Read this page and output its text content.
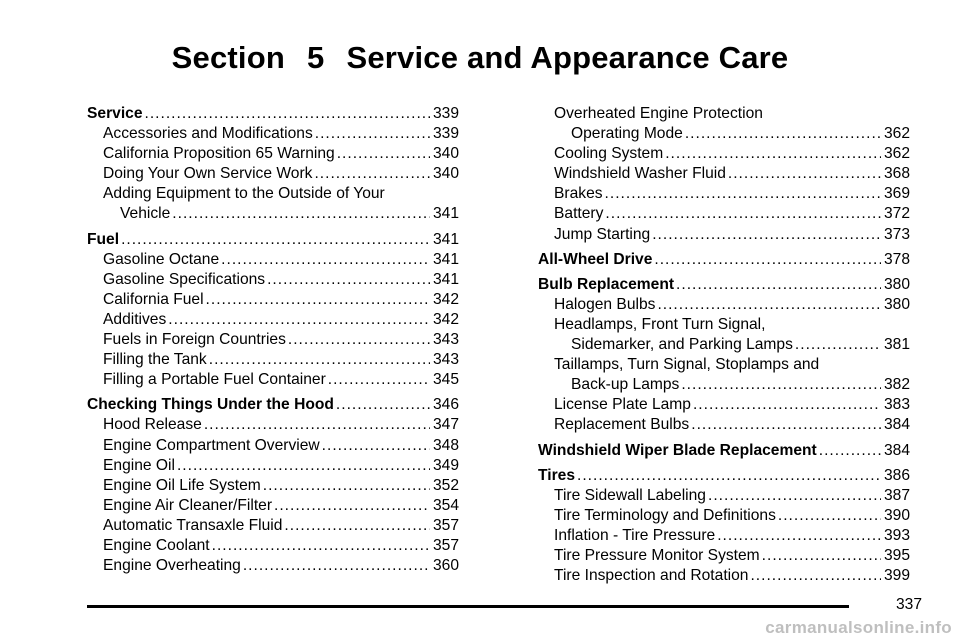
Section 5 Service and Appearance Care
Service .....	339
Accessories and Modifications .....	339
California Proposition 65 Warning .....	340
Doing Your Own Service Work .....	340
Adding Equipment to the Outside of Your
Vehicle .....	341
Fuel .....	341
Gasoline Octane .....	341
Gasoline Specifications .....	341
California Fuel .....	342
Additives .....	342
Fuels in Foreign Countries .....	343
Filling the Tank .....	343
Filling a Portable Fuel Container .....	345
Checking Things Under the Hood .....	346
Hood Release .....	347
Engine Compartment Overview .....	348
Engine Oil .....	349
Engine Oil Life System .....	352
Engine Air Cleaner/Filter .....	354
Automatic Transaxle Fluid .....	357
Engine Coolant .....	357
Engine Overheating .....	360
Overheated Engine Protection
Operating Mode .....	362
Cooling System .....	362
Windshield Washer Fluid .....	368
Brakes .....	369
Battery .....	372
Jump Starting .....	373
All-Wheel Drive .....	378
Bulb Replacement .....	380
Halogen Bulbs .....	380
Headlamps, Front Turn Signal,
Sidemarker, and Parking Lamps .....	381
Taillamps, Turn Signal, Stoplamps and
Back-up Lamps .....	382
License Plate Lamp .....	383
Replacement Bulbs .....	384
Windshield Wiper Blade Replacement .....	384
Tires .....	386
Tire Sidewall Labeling .....	387
Tire Terminology and Definitions .....	390
Inflation - Tire Pressure .....	393
Tire Pressure Monitor System .....	395
Tire Inspection and Rotation .....	399
337
carmanualsonline.info
